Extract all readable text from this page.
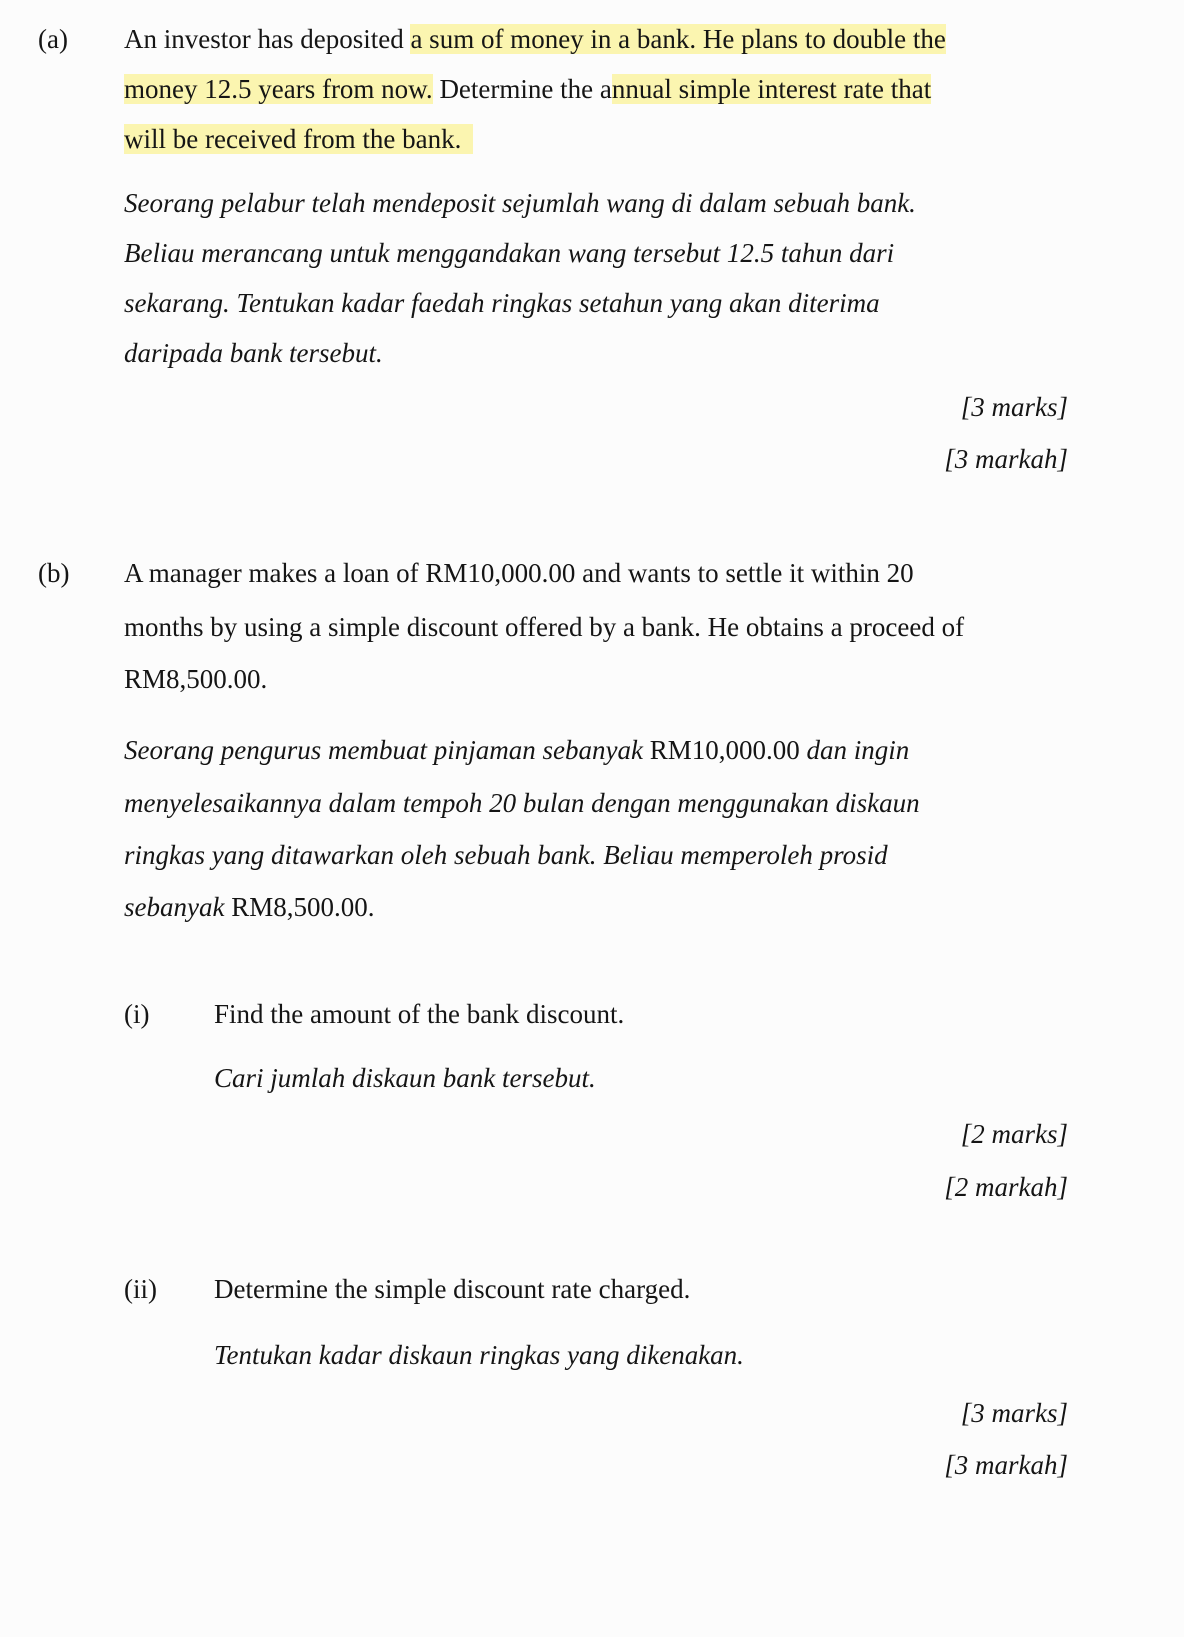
(a) An investor has deposited a sum of money in a bank. He plans to double the
money 12.5 years from now. Determine the annual simple interest rate that
will be received from the bank.
Seorang pelabur telah mendeposit sejumlah wang di dalam sebuah bank.
Beliau merancang untuk menggandakan wang tersebut 12.5 tahun dari
sekarang. Tentukan kadar faedah ringkas setahun yang akan diterima
daripada bank tersebut.
[3 marks]
[3 markah]
(b) A manager makes a loan of RM10,000.00 and wants to settle it within 20
months by using a simple discount offered by a bank. He obtains a proceed of
RM8,500.00.
Seorang pengurus membuat pinjaman sebanyak RM10,000.00 dan ingin
menyelesaikannya dalam tempoh 20 bulan dengan menggunakan diskaun
ringkas yang ditawarkan oleh sebuah bank. Beliau memperoleh prosid
sebanyak RM8,500.00.
(i) Find the amount of the bank discount.
Cari jumlah diskaun bank tersebut.
[2 marks]
[2 markah]
(ii) Determine the simple discount rate charged.
Tentukan kadar diskaun ringkas yang dikenakan.
[3 marks]
[3 markah]
